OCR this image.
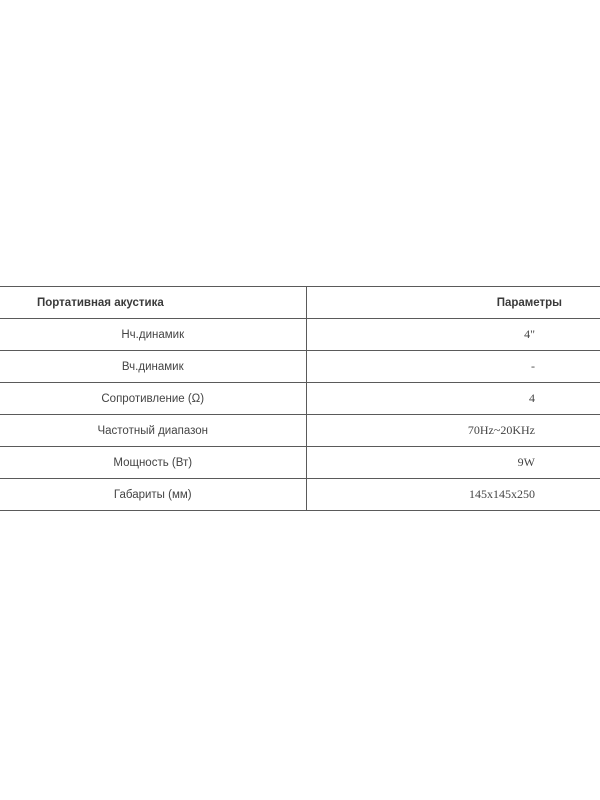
Портативная акустика	Параметры
Нч.динамик	4"
Вч.динамик	-
Сопротивление (Ω)	4
Частотный диапазон	70Hz~20KHz
Мощность (Вт)	9W
Габариты (мм)	145x145x250
